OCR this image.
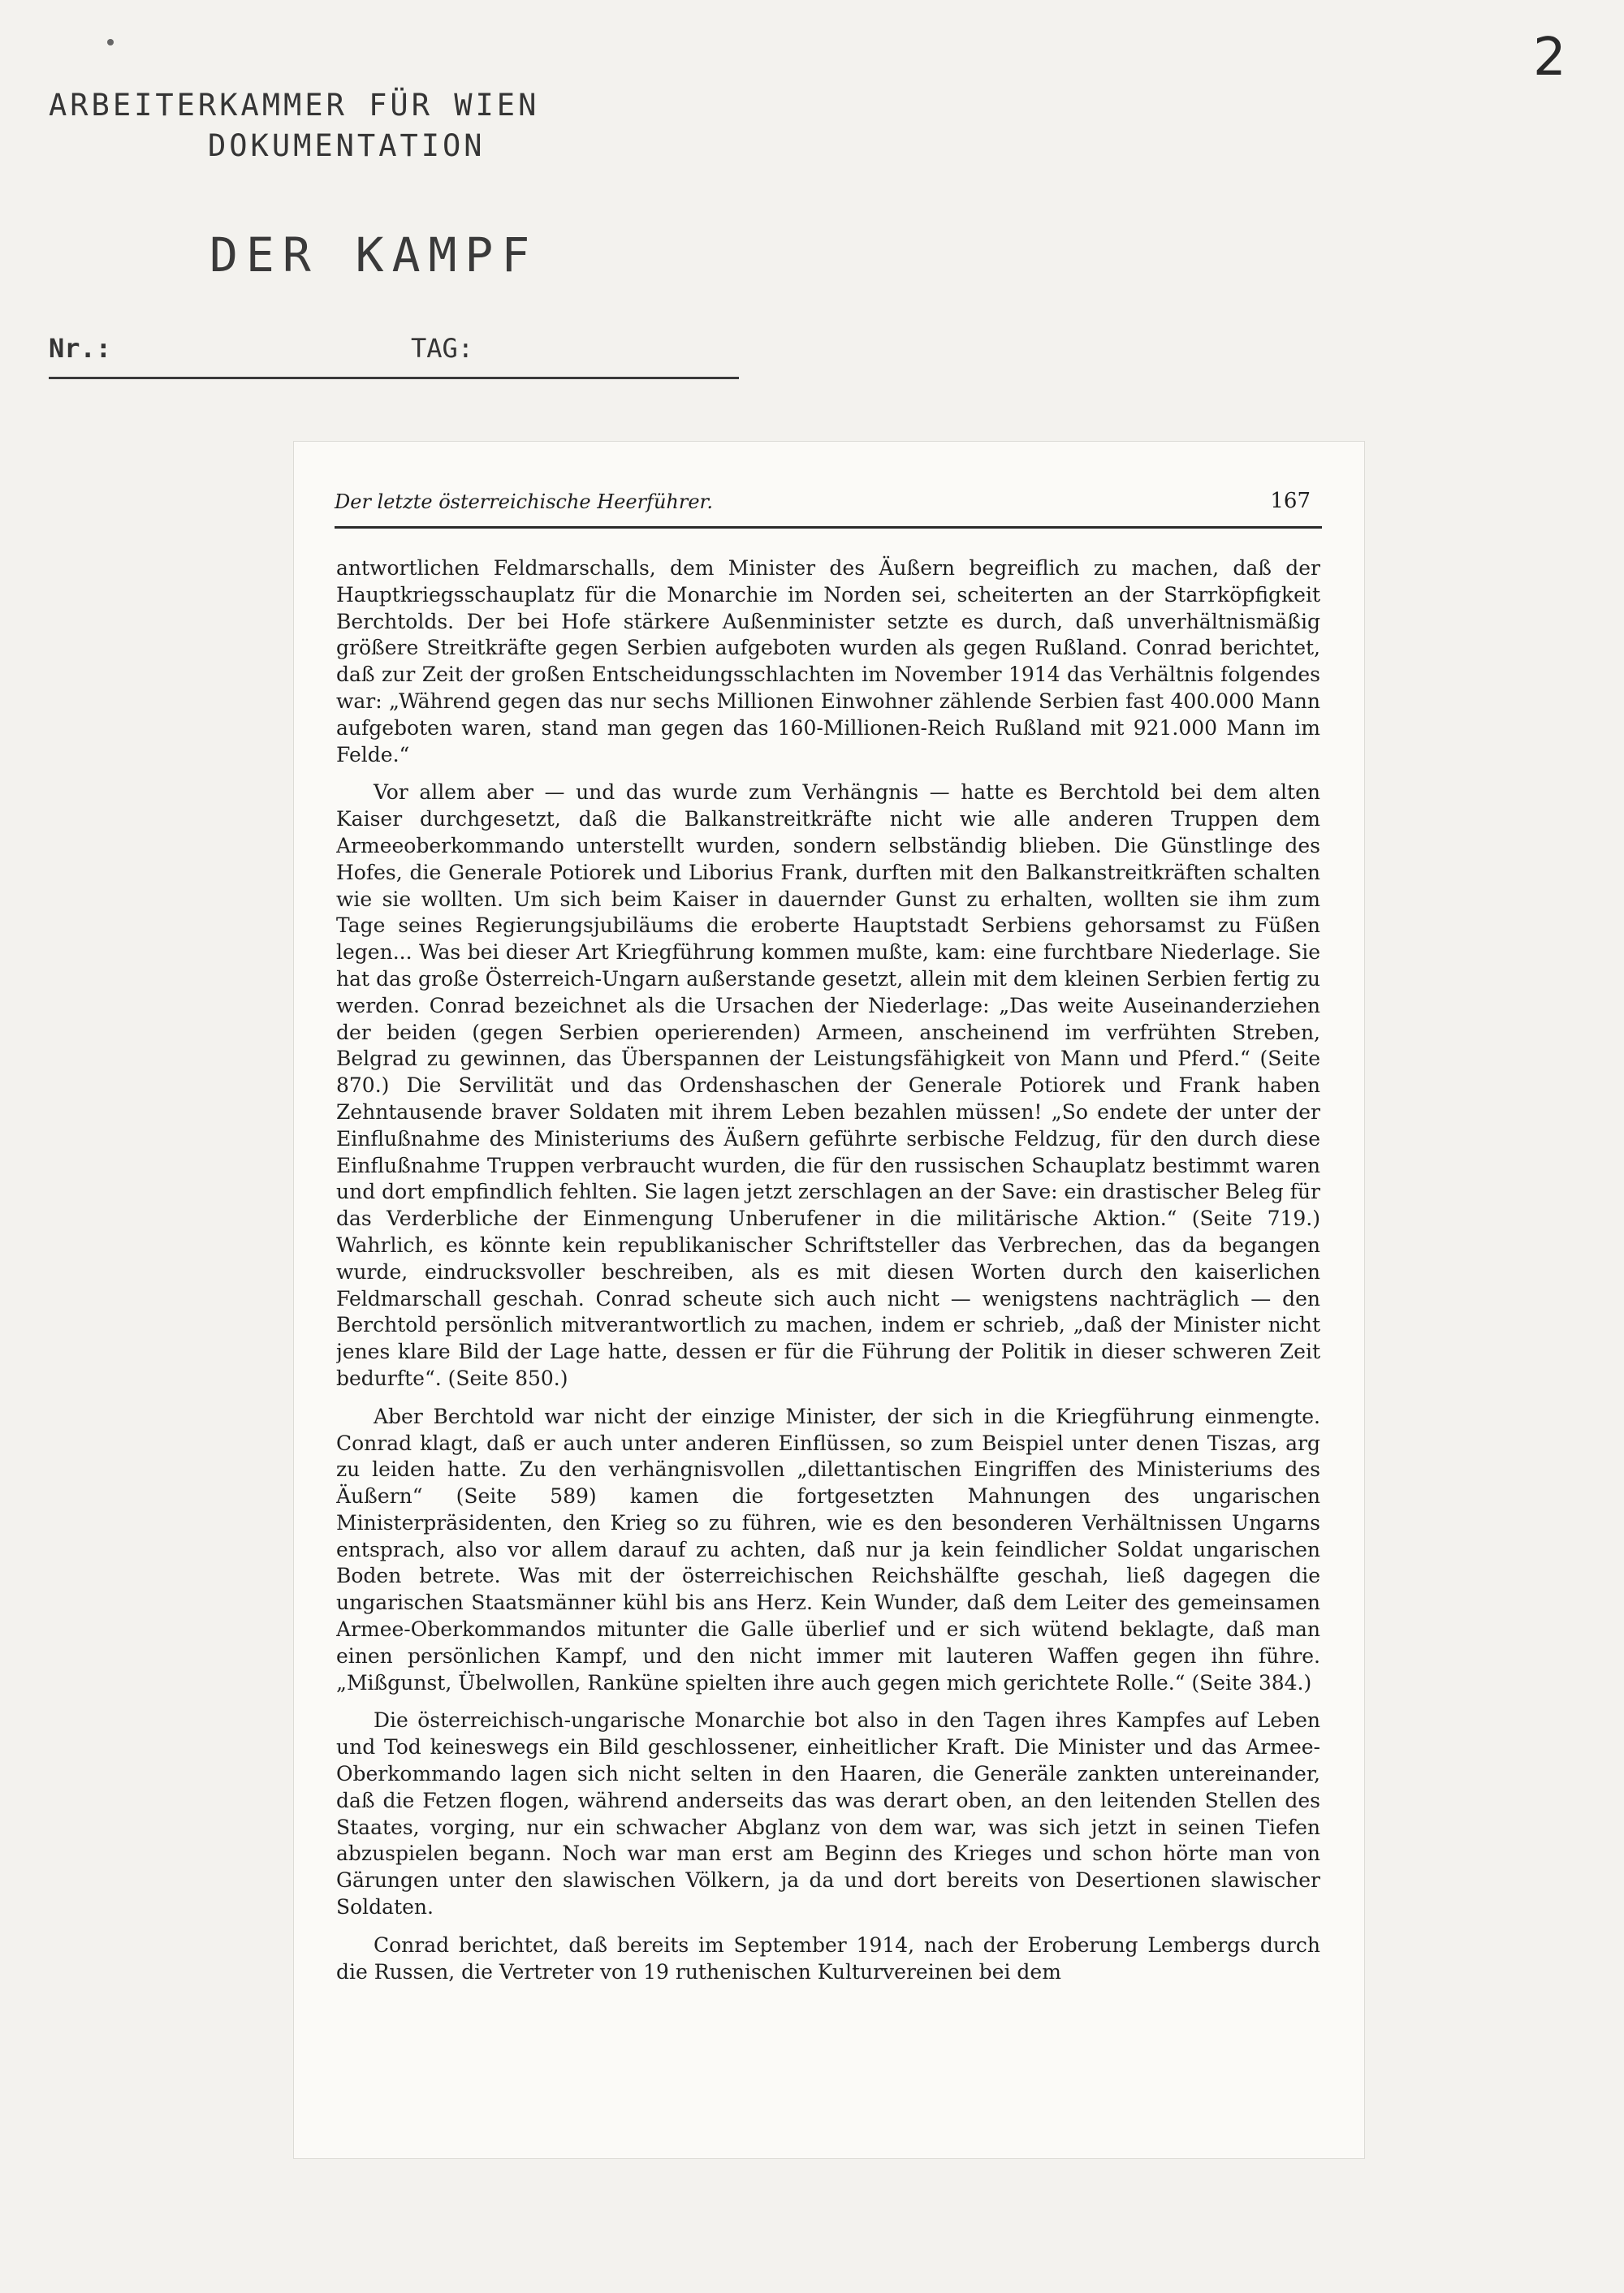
2
ARBEITERKAMMER FÜR WIEN
DOKUMENTATION
DER KAMPF
Nr.:	TAG:
Der letzte österreichische Heerführer.	167

antwortlichen Feldmarschalls, dem Minister des Äußern begreiflich zu machen, daß der Hauptkriegsschauplatz für die Monarchie im Norden sei, scheiterten an der Starrköpfigkeit Berchtolds. Der bei Hofe stärkere Außenminister setzte es durch, daß unverhältnismäßig größere Streitkräfte gegen Serbien aufgeboten wurden als gegen Rußland. Conrad berichtet, daß zur Zeit der großen Entscheidungsschlachten im November 1914 das Verhältnis folgendes war: „Während gegen das nur sechs Millionen Einwohner zählende Serbien fast 400.000 Mann aufgeboten waren, stand man gegen das 160-Millionen-Reich Rußland mit 921.000 Mann im Felde.“

Vor allem aber — und das wurde zum Verhängnis — hatte es Berchtold bei dem alten Kaiser durchgesetzt, daß die Balkanstreitkräfte nicht wie alle anderen Truppen dem Armeeoberkommando unterstellt wurden, sondern selbständig blieben. Die Günstlinge des Hofes, die Generale Potiorek und Liborius Frank, durften mit den Balkanstreitkräften schalten wie sie wollten. Um sich beim Kaiser in dauernder Gunst zu erhalten, wollten sie ihm zum Tage seines Regierungsjubiläums die eroberte Hauptstadt Serbiens gehorsamst zu Füßen legen... Was bei dieser Art Kriegführung kommen mußte, kam: eine furchtbare Niederlage. Sie hat das große Österreich-Ungarn außerstande gesetzt, allein mit dem kleinen Serbien fertig zu werden. Conrad bezeichnet als die Ursachen der Niederlage: „Das weite Auseinanderziehen der beiden (gegen Serbien operierenden) Armeen, anscheinend im verfrühten Streben, Belgrad zu gewinnen, das Überspannen der Leistungsfähigkeit von Mann und Pferd.“ (Seite 870.) Die Servilität und das Ordenshaschen der Generale Potiorek und Frank haben Zehntausende braver Soldaten mit ihrem Leben bezahlen müssen! „So endete der unter der Einflußnahme des Ministeriums des Äußern geführte serbische Feldzug, für den durch diese Einflußnahme Truppen verbraucht wurden, die für den russischen Schauplatz bestimmt waren und dort empfindlich fehlten. Sie lagen jetzt zerschlagen an der Save: ein drastischer Beleg für das Verderbliche der Einmengung Unberufener in die militärische Aktion.“ (Seite 719.) Wahrlich, es könnte kein republikanischer Schriftsteller das Verbrechen, das da begangen wurde, eindrucksvoller beschreiben, als es mit diesen Worten durch den kaiserlichen Feldmarschall geschah. Conrad scheute sich auch nicht — wenigstens nachträglich — den Berchtold persönlich mitverantwortlich zu machen, indem er schrieb, „daß der Minister nicht jenes klare Bild der Lage hatte, dessen er für die Führung der Politik in dieser schweren Zeit bedurfte“. (Seite 850.)

Aber Berchtold war nicht der einzige Minister, der sich in die Kriegführung einmengte. Conrad klagt, daß er auch unter anderen Einflüssen, so zum Beispiel unter denen Tiszas, arg zu leiden hatte. Zu den verhängnisvollen „dilettantischen Eingriffen des Ministeriums des Äußern“ (Seite 589) kamen die fortgesetzten Mahnungen des ungarischen Ministerpräsidenten, den Krieg so zu führen, wie es den besonderen Verhältnissen Ungarns entsprach, also vor allem darauf zu achten, daß nur ja kein feindlicher Soldat ungarischen Boden betrete. Was mit der österreichischen Reichshälfte geschah, ließ dagegen die ungarischen Staatsmänner kühl bis ans Herz. Kein Wunder, daß dem Leiter des gemeinsamen Armee-Oberkommandos mitunter die Galle überlief und er sich wütend beklagte, daß man einen persönlichen Kampf, und den nicht immer mit lauteren Waffen gegen ihn führe. „Mißgunst, Übelwollen, Rankünе spielten ihre auch gegen mich gerichtete Rolle.“ (Seite 384.)

Die österreichisch-ungarische Monarchie bot also in den Tagen ihres Kampfes auf Leben und Tod keineswegs ein Bild geschlossener, einheitlicher Kraft. Die Minister und das Armee-Oberkommando lagen sich nicht selten in den Haaren, die Generäle zankten untereinander, daß die Fetzen flogen, während anderseits das was derart oben, an den leitenden Stellen des Staates, vorging, nur ein schwacher Abglanz von dem war, was sich jetzt in seinen Tiefen abzuspielen begann. Noch war man erst am Beginn des Krieges und schon hörte man von Gärungen unter den slawischen Völkern, ja da und dort bereits von Desertionen slawischer Soldaten.

Conrad berichtet, daß bereits im September 1914, nach der Eroberung Lembergs durch die Russen, die Vertreter von 19 ruthenischen Kulturvereinen bei dem
